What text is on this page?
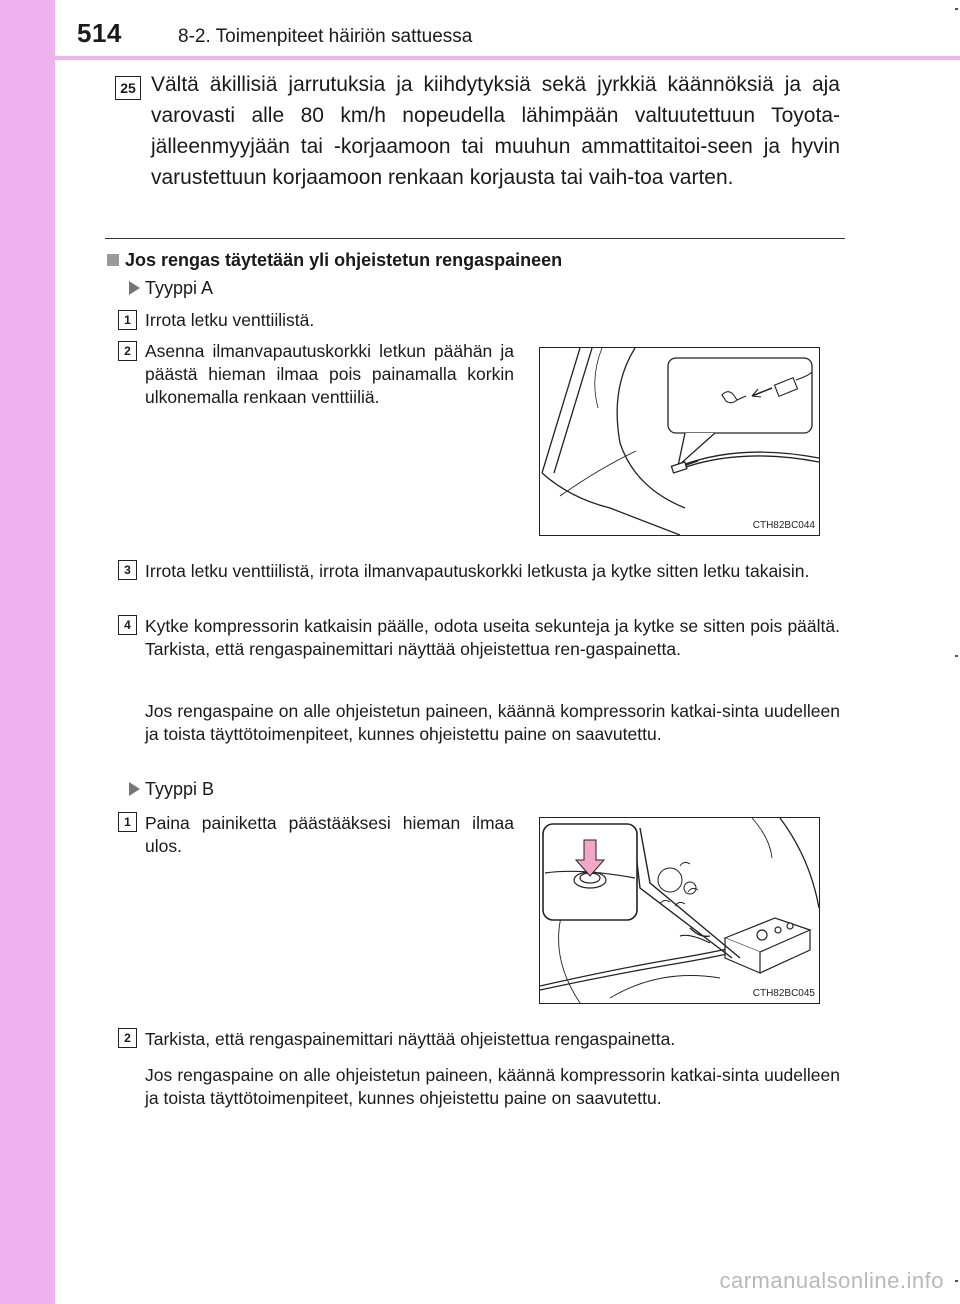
514	8-2. Toimenpiteet häiriön sattuessa
25 Vältä äkillisiä jarrutuksia ja kiihdytyksiä sekä jyrkkiä käännöksiä ja aja varovasti alle 80 km/h nopeudella lähimpään valtuutettuun Toyota-jälleenmyyjään tai -korjaamoon tai muuhun ammattitaitoi-seen ja hyvin varustettuun korjaamoon renkaan korjausta tai vaih-toa varten.

Jos rengas täytetään yli ohjeistetun rengaspaineen
Tyyppi A
1 Irrota letku venttiilistä.

2 Asenna ilmanvapautuskorkki letkun päähän ja päästä hieman ilmaa pois painamalla korkin ulkonemalla renkaan venttiiliä.

CTH82BC044
3 Irrota letku venttiilistä, irrota ilmanvapautuskorkki letkusta ja kytke sitten letku takaisin.

4 Kytke kompressorin katkaisin päälle, odota useita sekunteja ja kytke se sitten pois päältä. Tarkista, että rengaspainemittari näyttää ohjeistettua ren-gaspainetta.

Jos rengaspaine on alle ohjeistetun paineen, käännä kompressorin katkai-sinta uudelleen ja toista täyttötoimenpiteet, kunnes ohjeistettu paine on saavutettu.

Tyyppi B
1 Paina painiketta päästääksesi hieman ilmaa ulos.

CTH82BC045
2 Tarkista, että rengaspainemittari näyttää ohjeistettua rengaspainetta.

Jos rengaspaine on alle ohjeistetun paineen, käännä kompressorin katkai-sinta uudelleen ja toista täyttötoimenpiteet, kunnes ohjeistettu paine on saavutettu.

carmanualsonline.info
